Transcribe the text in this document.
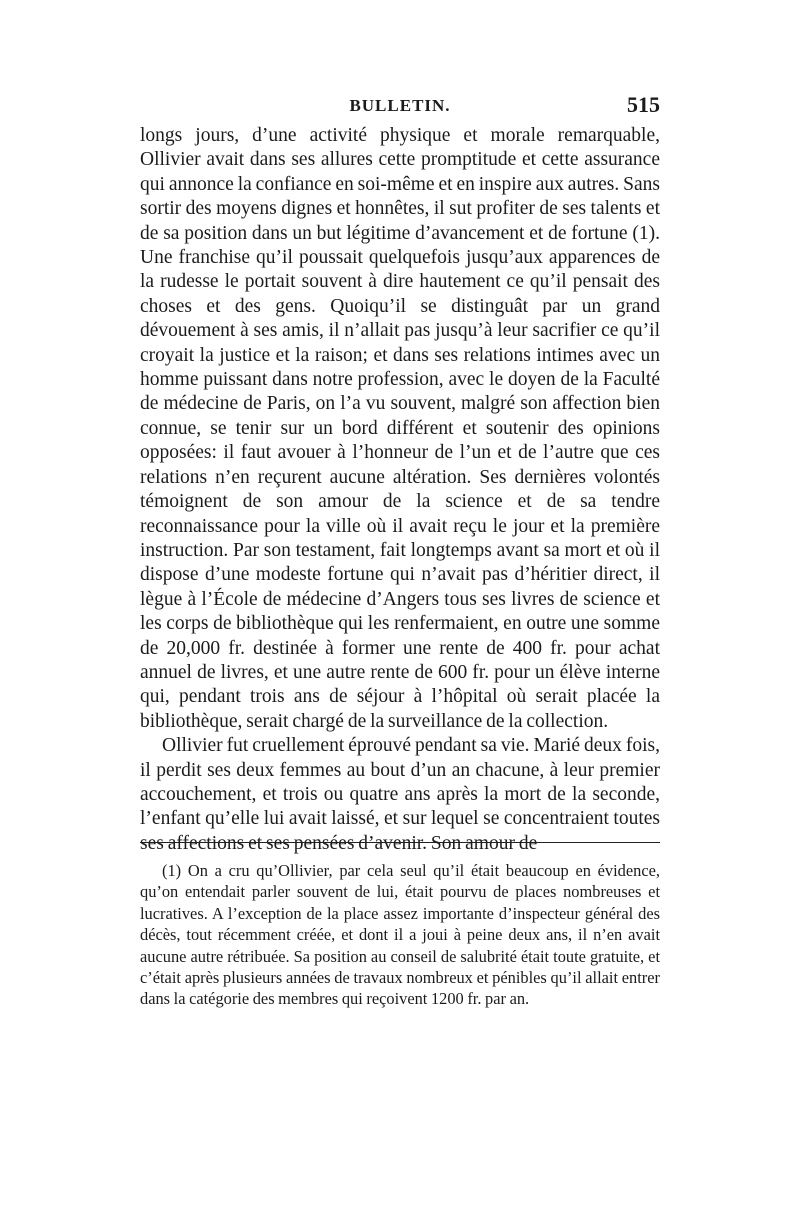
BULLETIN.	515

longs jours, d’une activité physique et morale remarquable, Ollivier avait dans ses allures cette promptitude et cette assurance qui annonce la confiance en soi-même et en inspire aux autres. Sans sortir des moyens dignes et honnêtes, il sut profiter de ses talents et de sa position dans un but légitime d’avancement et de fortune (1). Une franchise qu’il poussait quelquefois jusqu’aux apparences de la rudesse le portait souvent à dire hautement ce qu’il pensait des choses et des gens. Quoiqu’il se distinguât par un grand dévouement à ses amis, il n’allait pas jusqu’à leur sacrifier ce qu’il croyait la justice et la raison; et dans ses relations intimes avec un homme puissant dans notre profession, avec le doyen de la Faculté de médecine de Paris, on l’a vu souvent, malgré son affection bien connue, se tenir sur un bord différent et soutenir des opinions opposées: il faut avouer à l’honneur de l’un et de l’autre que ces relations n’en reçurent aucune altération. Ses dernières volontés témoignent de son amour de la science et de sa tendre reconnaissance pour la ville où il avait reçu le jour et la première instruction. Par son testament, fait longtemps avant sa mort et où il dispose d’une modeste fortune qui n’avait pas d’héritier direct, il lègue à l’École de médecine d’Angers tous ses livres de science et les corps de bibliothèque qui les renfermaient, en outre une somme de 20,000 fr. destinée à former une rente de 400 fr. pour achat annuel de livres, et une autre rente de 600 fr. pour un élève interne qui, pendant trois ans de séjour à l’hôpital où serait placée la bibliothèque, serait chargé de la surveillance de la collection.

Ollivier fut cruellement éprouvé pendant sa vie. Marié deux fois, il perdit ses deux femmes au bout d’un an chacune, à leur premier accouchement, et trois ou quatre ans après la mort de la seconde, l’enfant qu’elle lui avait laissé, et sur lequel se concentraient toutes ses affections et ses pensées d’avenir. Son amour de

(1) On a cru qu’Ollivier, par cela seul qu’il était beaucoup en évidence, qu’on entendait parler souvent de lui, était pourvu de places nombreuses et lucratives. A l’exception de la place assez importante d’inspecteur général des décès, tout récemment créée, et dont il a joui à peine deux ans, il n’en avait aucune autre rétribuée. Sa position au conseil de salubrité était toute gratuite, et c’était après plusieurs années de travaux nombreux et pénibles qu’il allait entrer dans la catégorie des membres qui reçoivent 1200 fr. par an.
